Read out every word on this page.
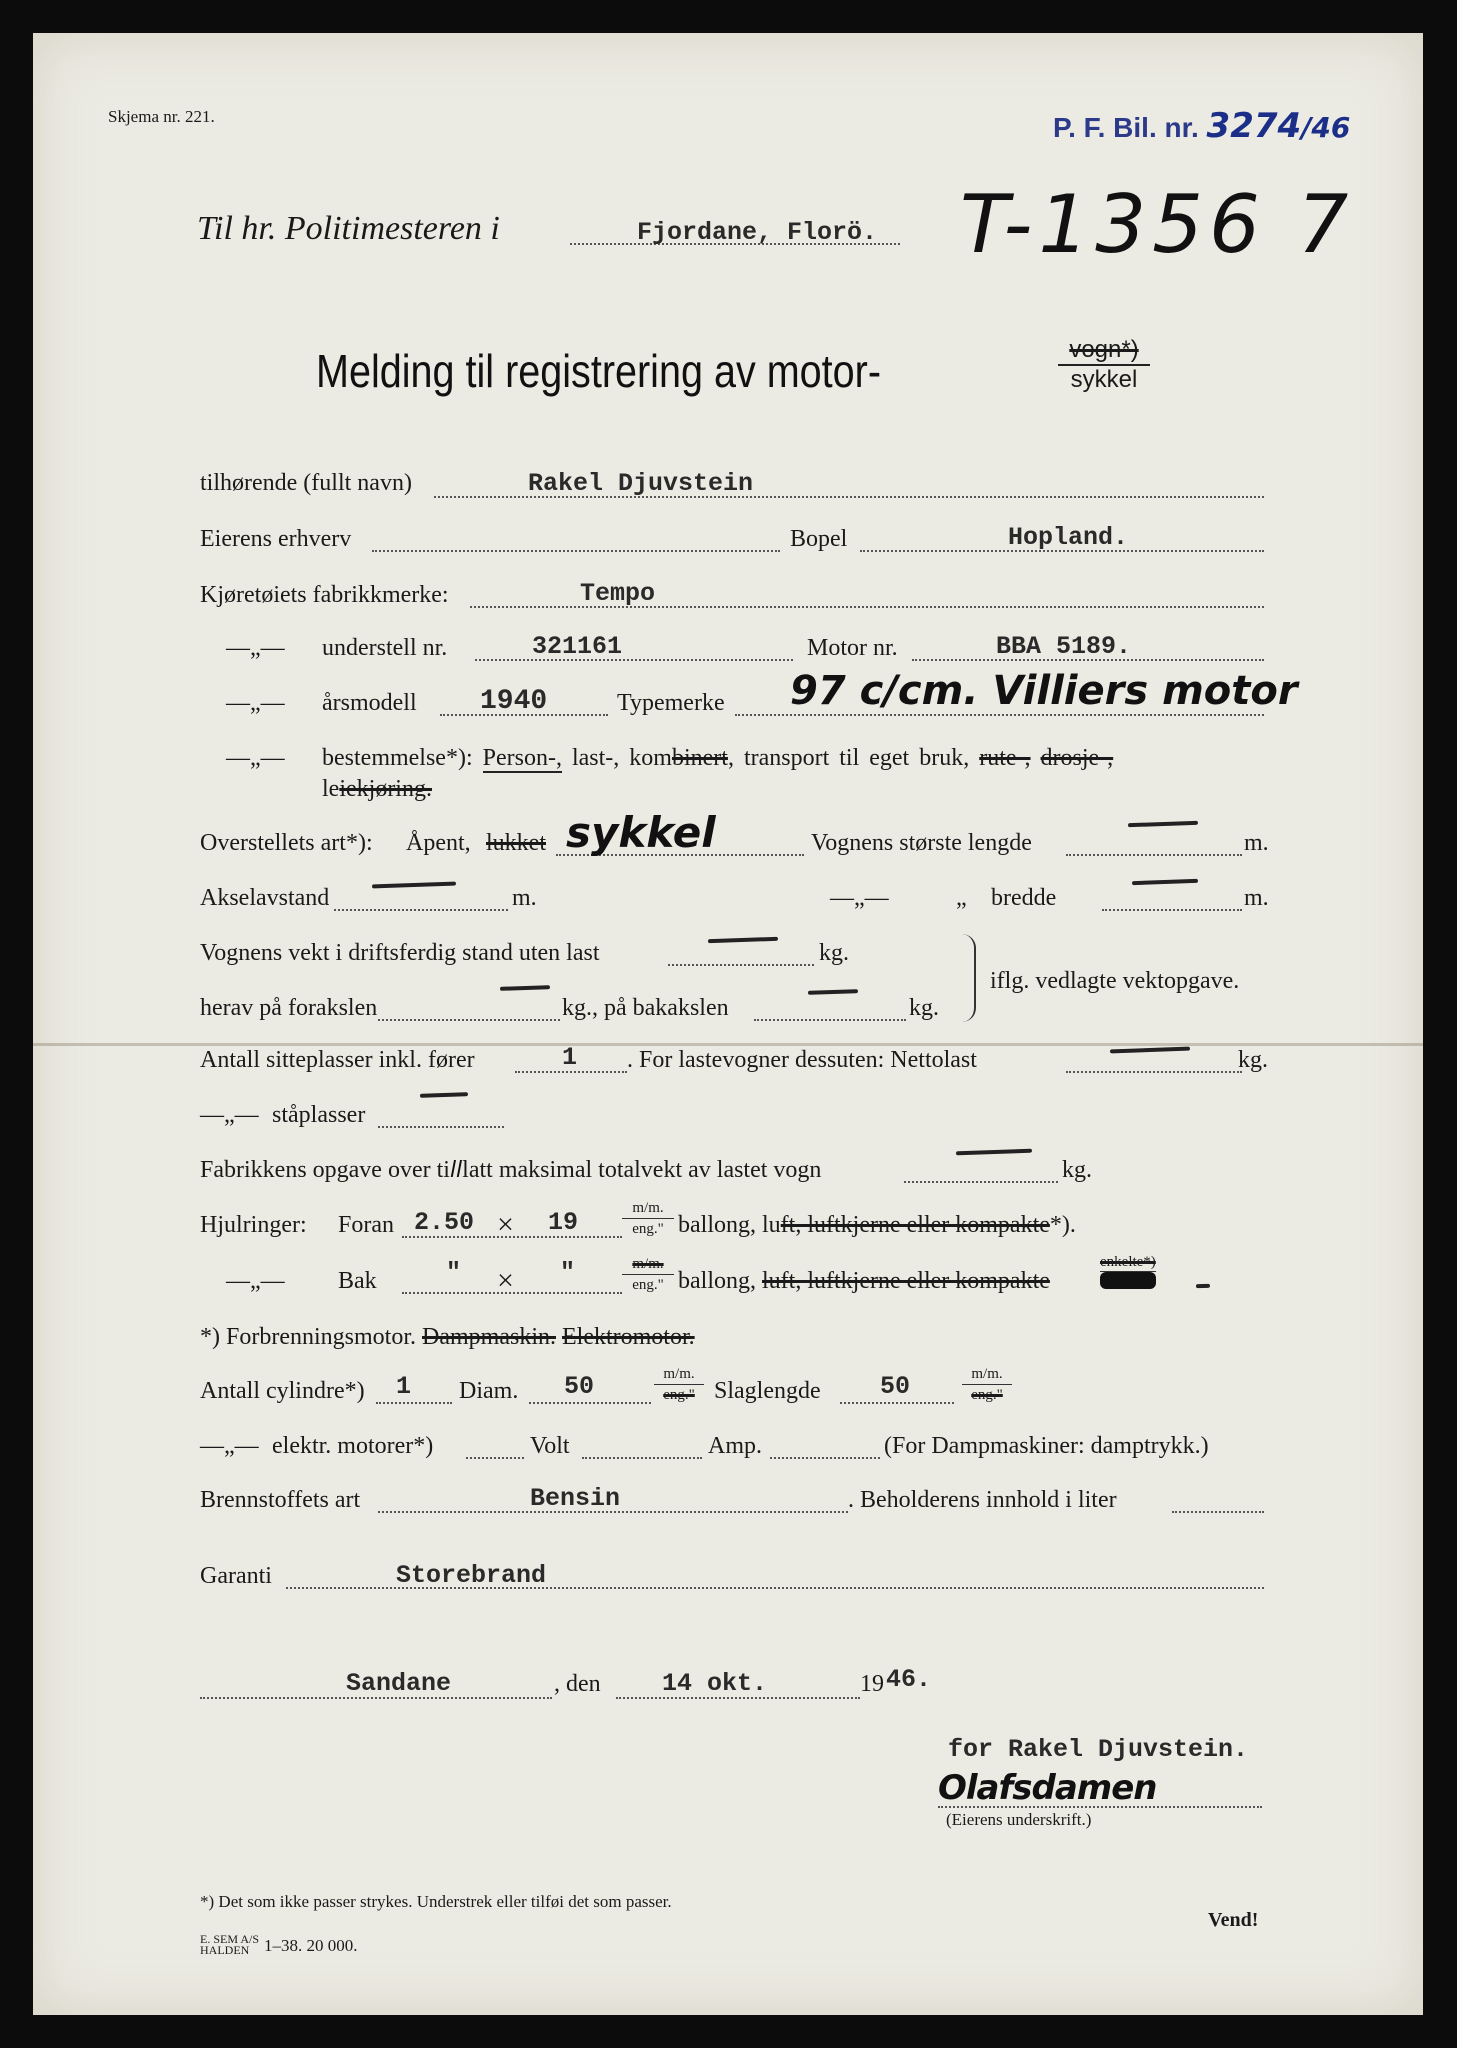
Skjema nr. 221.	P. F. Bil. nr. 3274/46
Til hr. Politimesteren i	Fjordane, Florö. T-1356 7
Melding til registrering av motor-	vogn*)
sykkel
tilhørende (fullt navn)	Rakel Djuvstein
Eierens erhverv	Bopel	Hopland.
Kjøretøiets fabrikkmerke:	Tempo
—„— understell nr.	321161	Motor nr.	BBA 5189.
—„— årsmodell 1940	Typemerke 97 c/cm. Villiers motor
—„— bestemmelse*): Person-, last-, kombinert, transport til eget bruk, rute-, drosje-,
leiekjøring.
Overstellets art*): Åpent, lukket sykkel	Vognens største lengde	m.
Akselavstand	m.	—„—	„ bredde	m.
Vognens vekt i driftsferdig stand uten last	kg.
herav på forakslen	kg., på bakakslen	kg.
iflg. vedlagte vektopgave.
Antall sitteplasser inkl. fører	1 . For lastevogner dessuten: Nettolast	kg.
—„— ståplasser
Fabrikkens opgave over tilllatt maksimal totalvekt av lastet vogn	kg.
Hjulringer: Foran 2.50 × 19	m/m.
eng." ballong, luft, luftkjerne eller kompakte*).
—„— Bak	" × "	m/m.
eng." ballong, luft, luftkjerne eller kompakte
enkelte*)
doble
*) Forbrenningsmotor. Dampmaskin. Elektromotor.
Antall cylindre*) 1 Diam. 50	m/m.
eng." Slaglengde 50	m/m.
eng."
—„— elektr. motorer*)	Volt	Amp.	(For Dampmaskiner: damptrykk.)
Brennstoffets art	Bensin	. Beholderens innhold i liter
Garanti	Storebrand
Sandane	, den 14 okt.	19 46.
for Rakel Djuvstein.
Olafsdamen
(Eierens underskrift.)
*) Det som ikke passer strykes. Understrek eller tilføi det som passer.
E. SEM A/S
HALDEN 1–38. 20 000.
Vend!
